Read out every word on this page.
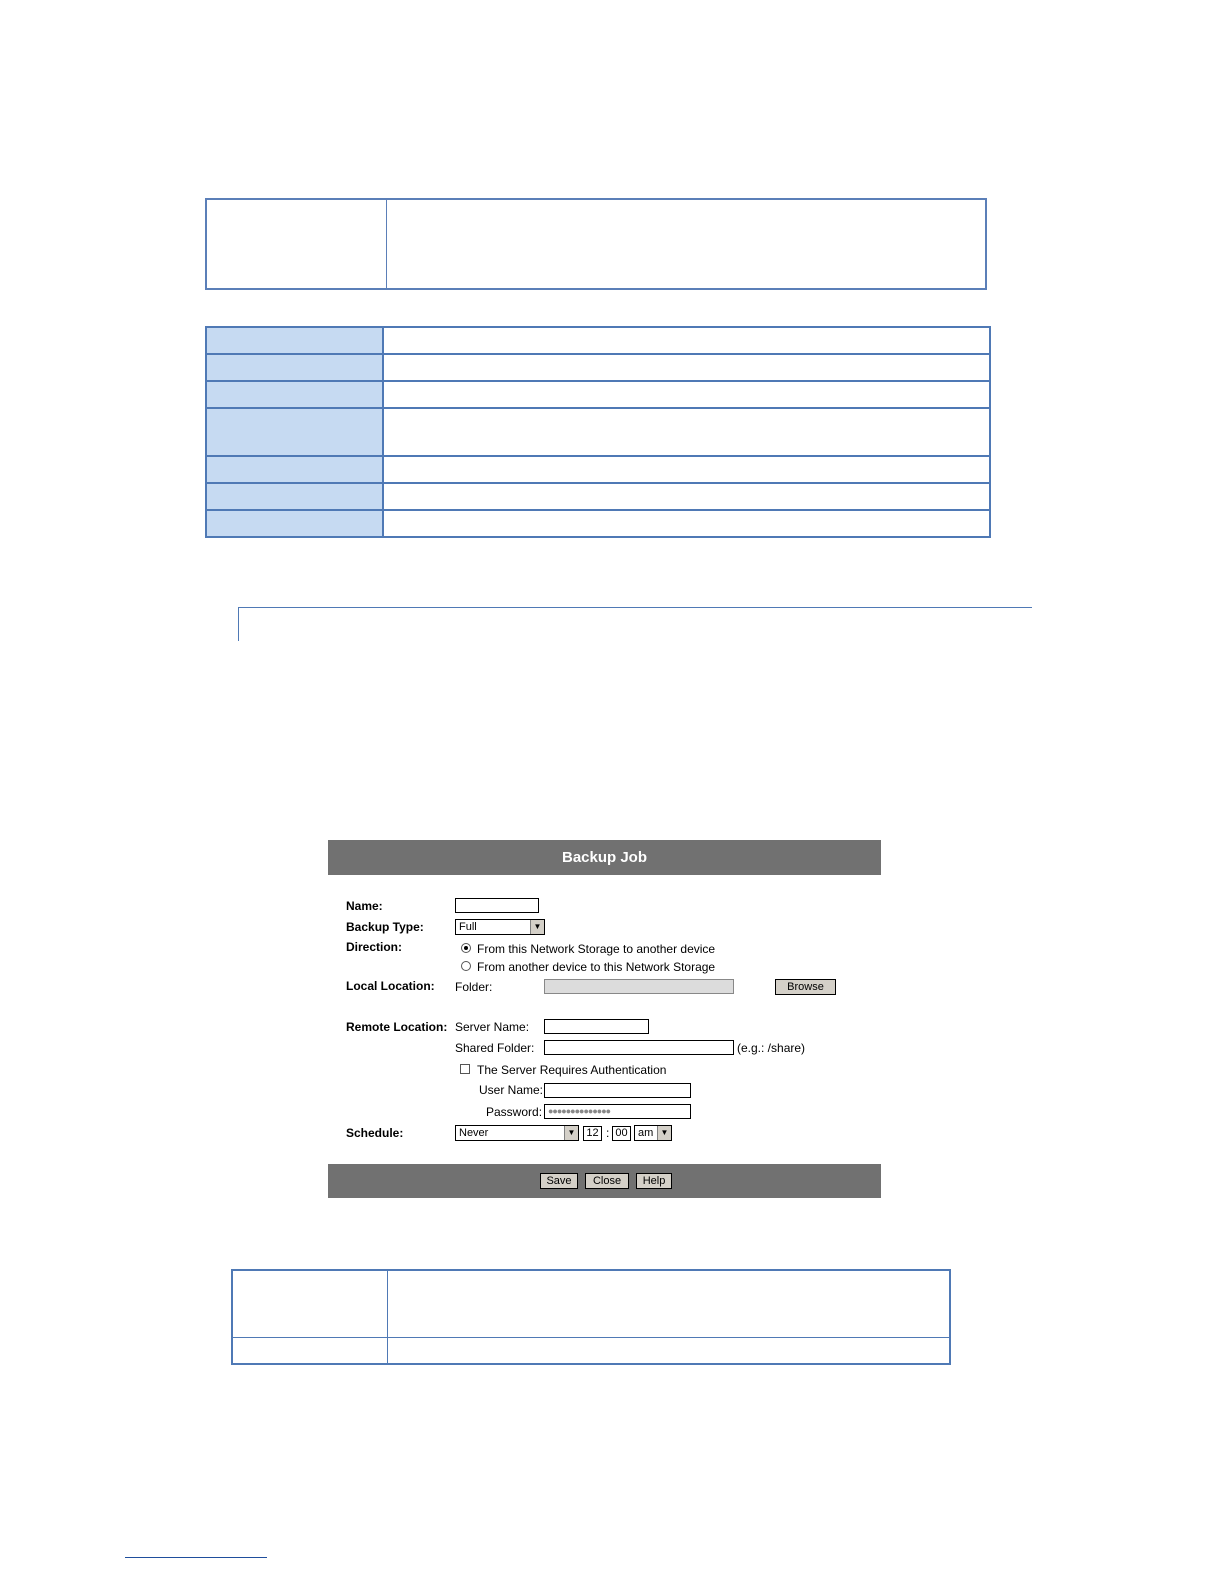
Backup Job
Name:
Backup Type:	Full	▼
Direction:	From this Network Storage to another device
From another device to this Network Storage
Local Location: Folder:	Browse
Remote Location: Server Name:
Shared Folder:	(e.g.: /share)
The Server Requires Authentication
User Name:
Password: ●●●●●●●●●●●●●●
Schedule:	Never	▼ 12 : 00 am ▼
Save	Close	Help
